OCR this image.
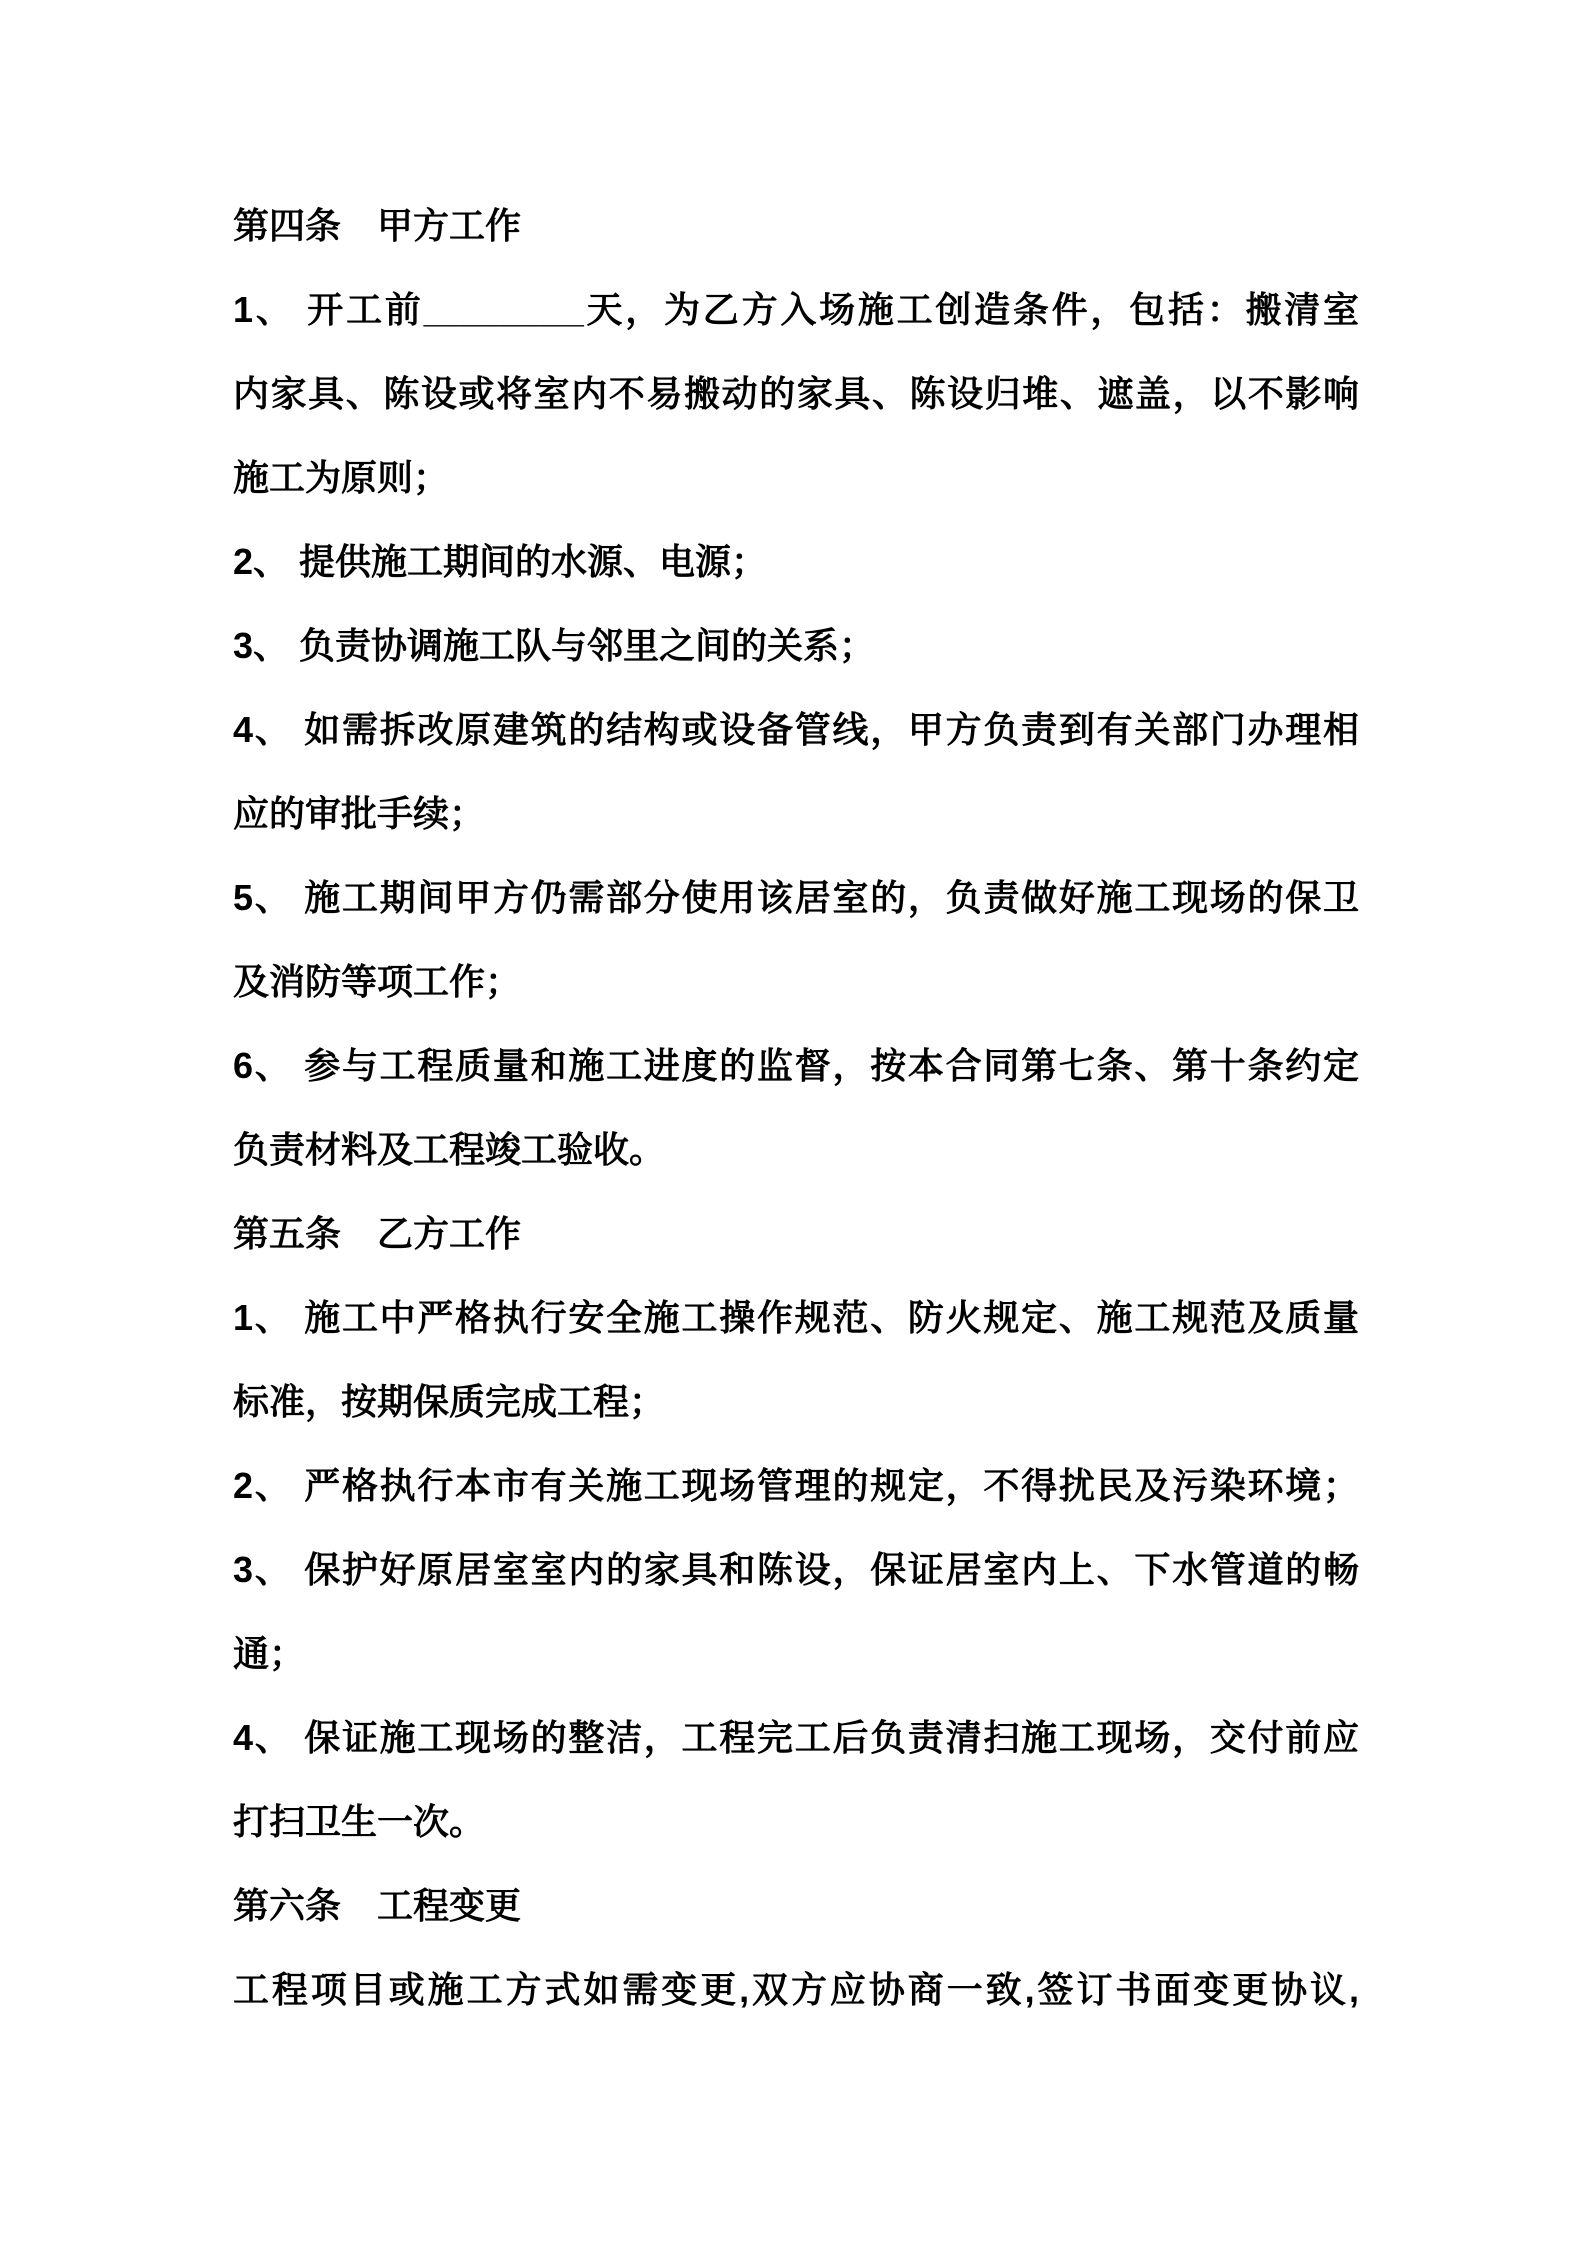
第四条　甲方工作
1、 开工前________天，为乙方入场施工创造条件，包括：搬清室
内家具、陈设或将室内不易搬动的家具、陈设归堆、遮盖，以不影响
施工为原则；
2、 提供施工期间的水源、电源；
3、 负责协调施工队与邻里之间的关系；
4、 如需拆改原建筑的结构或设备管线，甲方负责到有关部门办理相
应的审批手续；
5、 施工期间甲方仍需部分使用该居室的，负责做好施工现场的保卫
及消防等项工作；
6、 参与工程质量和施工进度的监督，按本合同第七条、第十条约定
负责材料及工程竣工验收。
第五条　乙方工作
1、 施工中严格执行安全施工操作规范、防火规定、施工规范及质量
标准，按期保质完成工程；
2、 严格执行本市有关施工现场管理的规定，不得扰民及污染环境；
3、 保护好原居室室内的家具和陈设，保证居室内上、下水管道的畅
通；
4、 保证施工现场的整洁，工程完工后负责清扫施工现场，交付前应
打扫卫生一次。
第六条　工程变更
工程项目或施工方式如需变更,双方应协商一致,签订书面变更协议,
